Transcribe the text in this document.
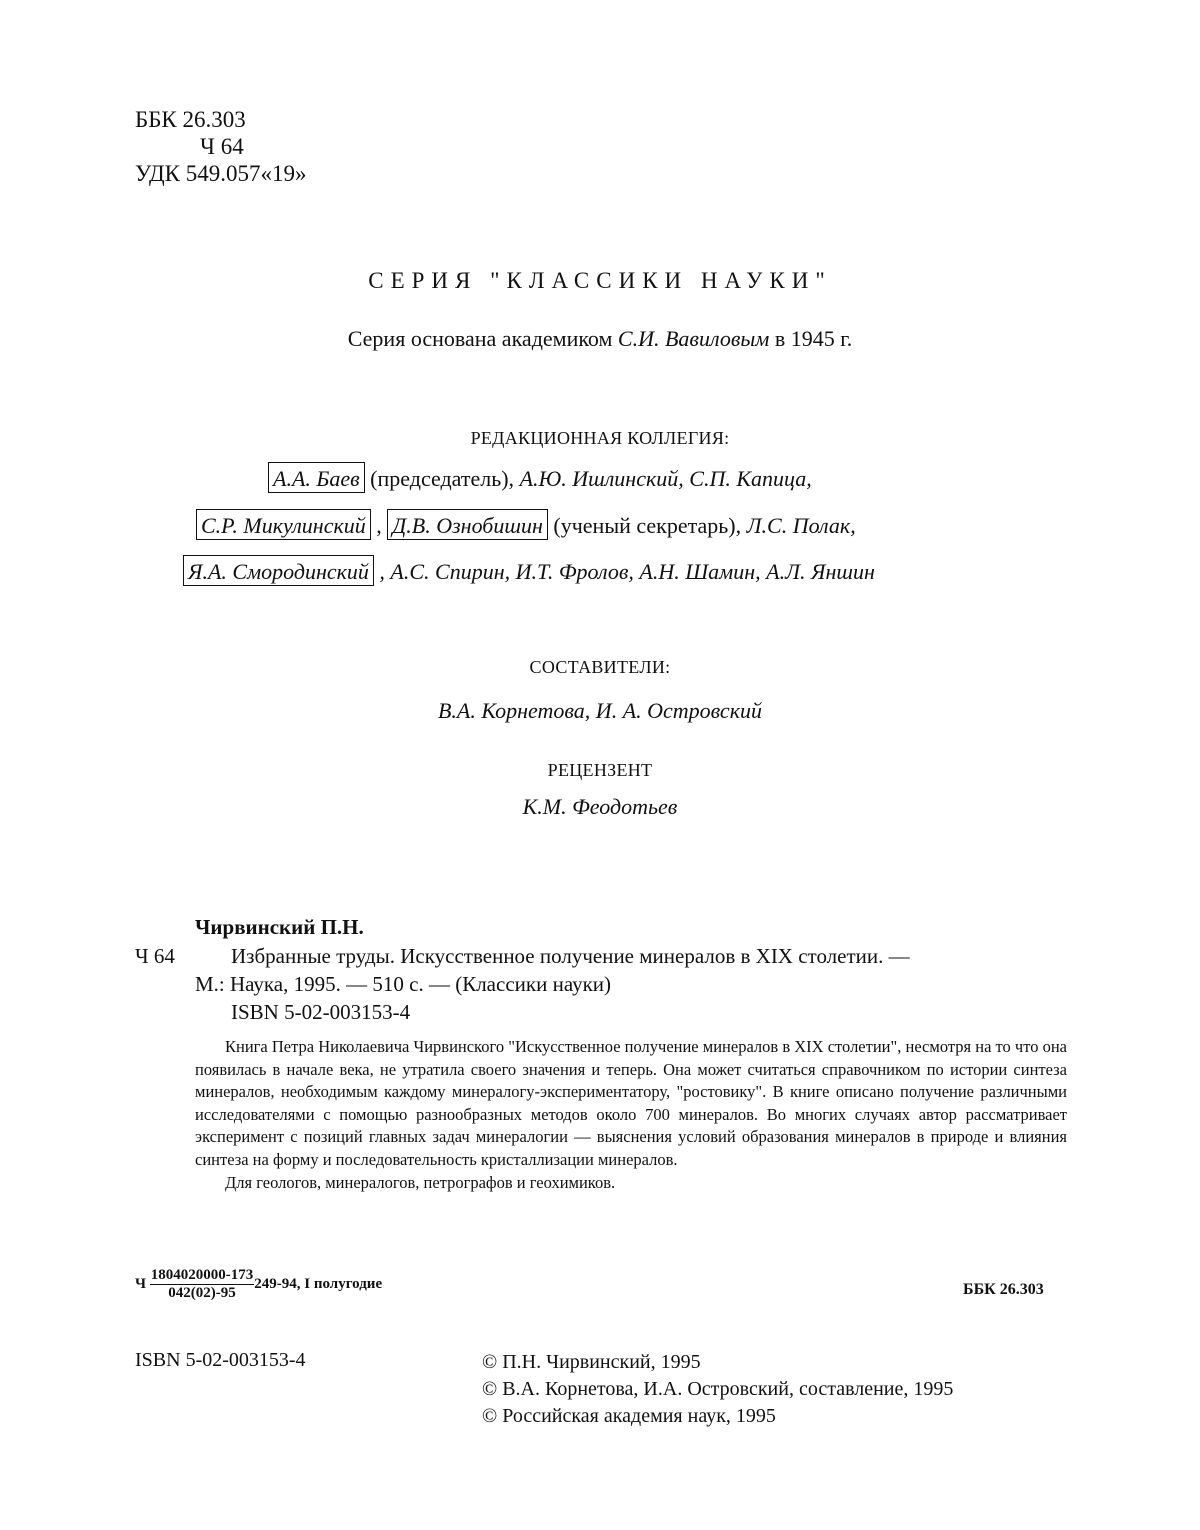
ББК 26.303
Ч 64
УДК 549.057«19»
СЕРИЯ "КЛАССИКИ НАУКИ"
Серия основана академиком С.И. Вавиловым в 1945 г.
РЕДАКЦИОННАЯ КОЛЛЕГИЯ:
А.А. Баев (председатель), А.Ю. Ишлинский, С.П. Капица,
С.Р. Микулинский , Д.В. Ознобишин (ученый секретарь), Л.С. Полак,
Я.А. Смородинский , А.С. Спирин, И.Т. Фролов, А.Н. Шамин, А.Л. Яншин
СОСТАВИТЕЛИ:
В.А. Корнетова, И. А. Островский
РЕЦЕНЗЕНТ
К.М. Феодотьев
Чирвинский П.Н.
Ч 64	Избранные труды. Искусственное получение минералов в XIX столетии. —
М.: Наука, 1995. — 510 с. — (Классики науки)
ISBN 5-02-003153-4

Книга Петра Николаевича Чирвинского "Искусственное получение минералов в XIX столетии", несмотря на то что она появилась в начале века, не утратила своего значения и теперь. Она может считаться справочником по истории синтеза минералов, необходимым каждому минералогу-экспериментатору, "ростовику". В книге описано получение различными исследователями с помощью разнообразных методов около 700 минералов. Во многих случаях автор рассматривает эксперимент с позиций главных задач минералогии — выяснения условий образования минералов в природе и влияния синтеза на форму и последовательность кристаллизации минералов.

Для геологов, минералогов, петрографов и геохимиков.

Ч
1804020000-173
042(02)-95
249-94, I полугодие	ББК 26.303
ISBN 5-02-003153-4	© П.Н. Чирвинский, 1995
© В.А. Корнетова, И.А. Островский, составление, 1995
© Российская академия наук, 1995
